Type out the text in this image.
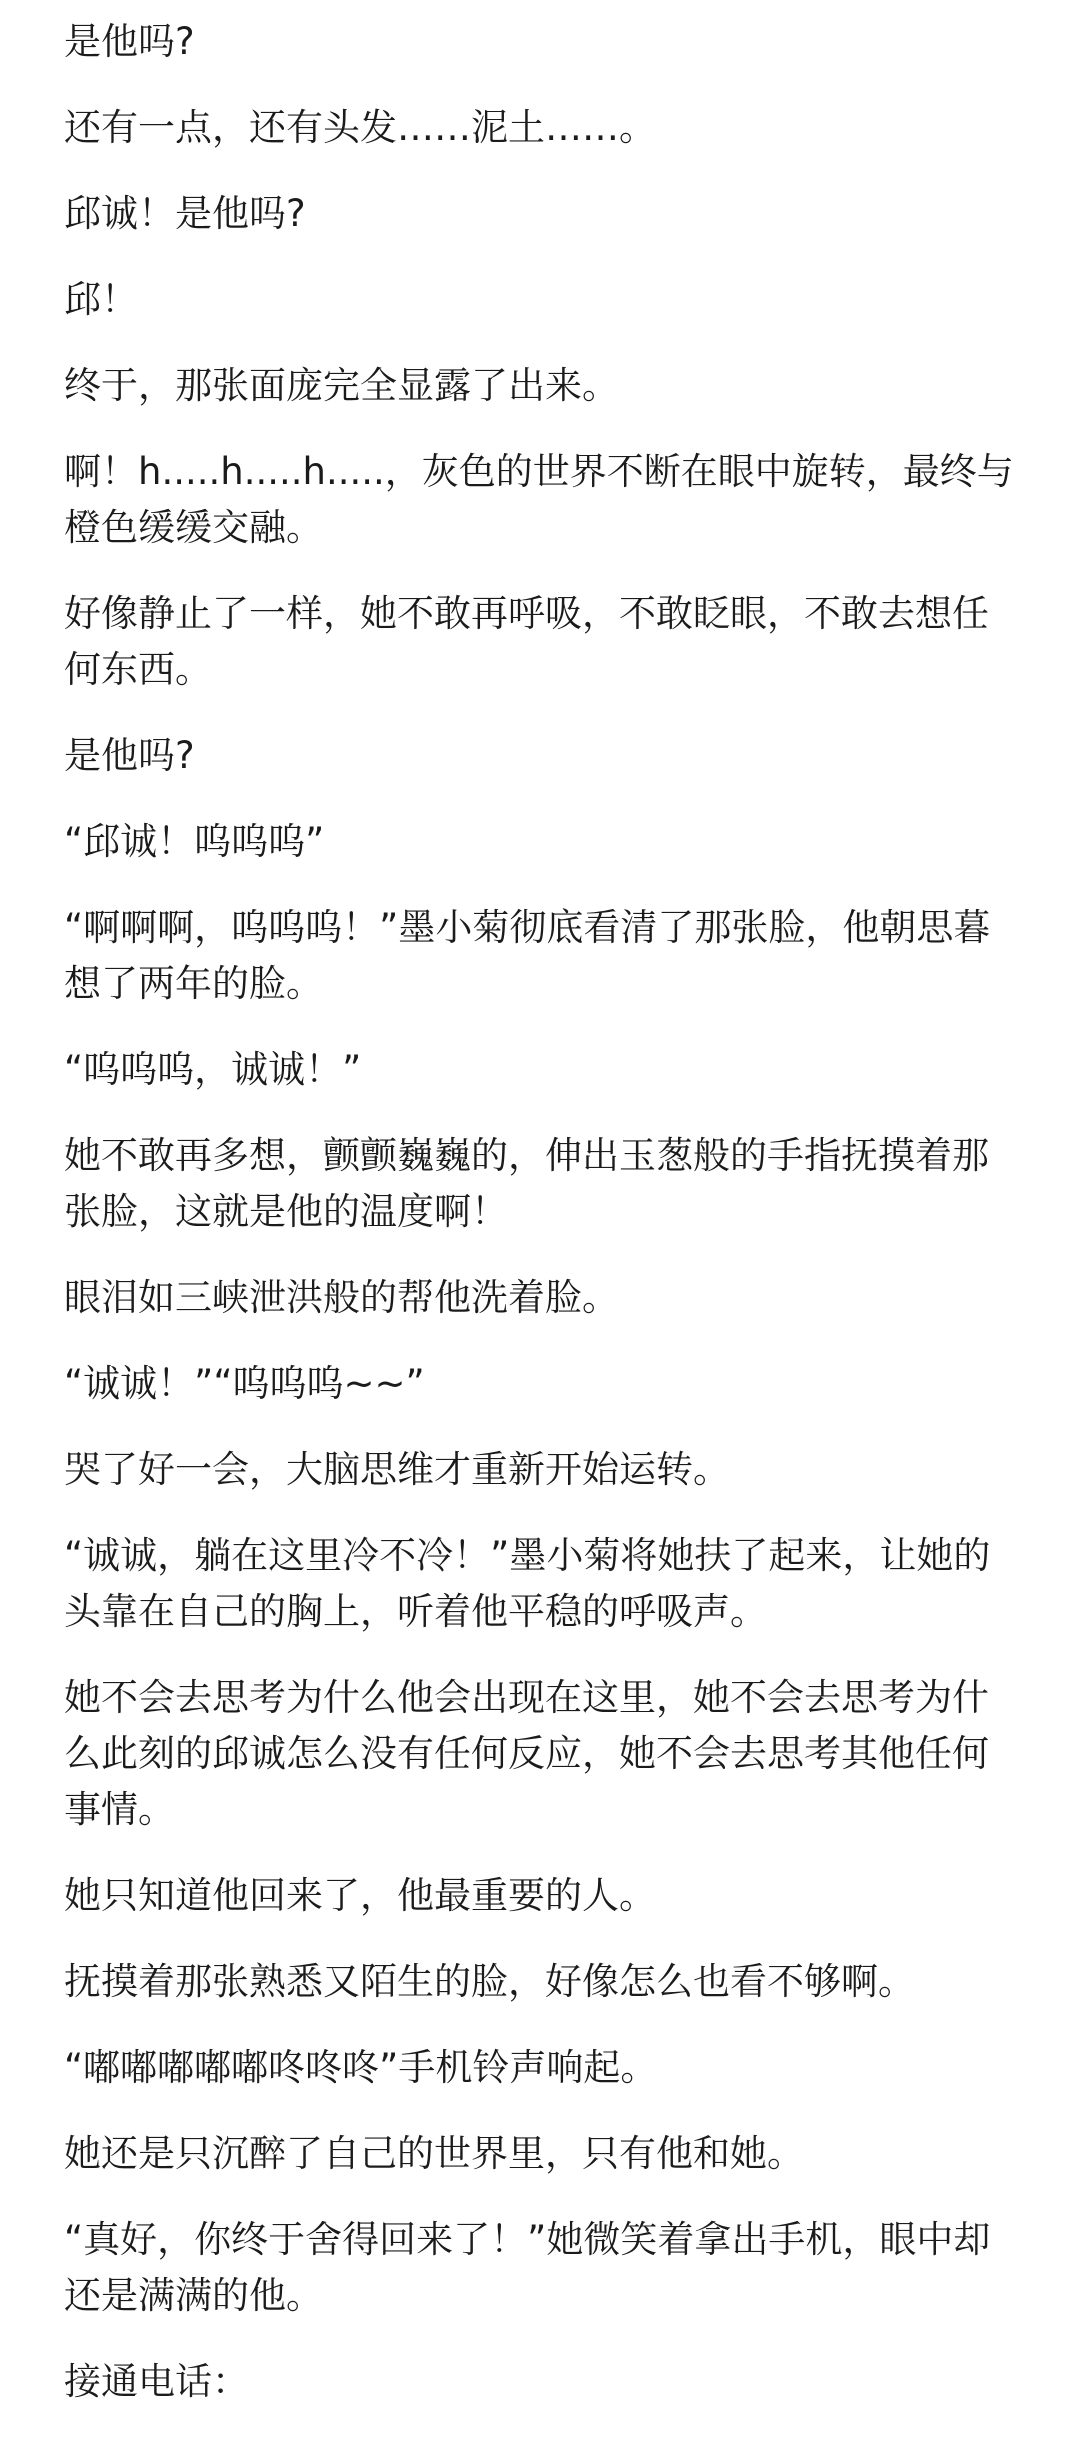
是他吗?

还有一点，还有头发……泥土……。

邱诚！是他吗?

邱！

终于，那张面庞完全显露了出来。

啊！h.....h.....h.....，灰色的世界不断在眼中旋转，最终与橙色缓缓交融。

好像静止了一样，她不敢再呼吸，不敢眨眼，不敢去想任何东西。

是他吗?

“邱诚！呜呜呜”

“啊啊啊，呜呜呜！”墨小菊彻底看清了那张脸，他朝思暮想了两年的脸。

“呜呜呜，诚诚！”

她不敢再多想，颤颤巍巍的，伸出玉葱般的手指抚摸着那张脸，这就是他的温度啊！

眼泪如三峡泄洪般的帮他洗着脸。

“诚诚！”“呜呜呜~~”

哭了好一会，大脑思维才重新开始运转。

“诚诚，躺在这里冷不冷！”墨小菊将她扶了起来，让她的头靠在自己的胸上，听着他平稳的呼吸声。

她不会去思考为什么他会出现在这里，她不会去思考为什么此刻的邱诚怎么没有任何反应，她不会去思考其他任何事情。

她只知道他回来了，他最重要的人。

抚摸着那张熟悉又陌生的脸，好像怎么也看不够啊。

“嘟嘟嘟嘟嘟咚咚咚”手机铃声响起。

她还是只沉醉了自己的世界里，只有他和她。

“真好，你终于舍得回来了！”她微笑着拿出手机，眼中却还是满满的他。

接通电话：
